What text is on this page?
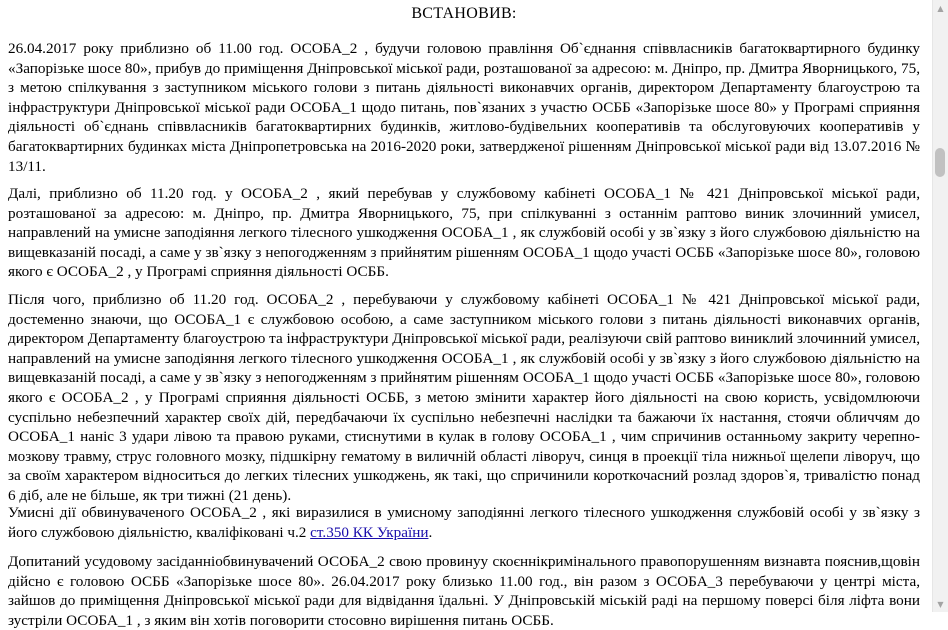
ВСТАНОВИВ:

26.04.2017 року приблизно об 11.00 год. ОСОБА_2 , будучи головою правління Об`єднання співвласників багатоквартирного будинку «Запорізьке шосе 80», прибув до приміщення Дніпровської міської ради, розташованої за адресою: м. Дніпро, пр. Дмитра Яворницького, 75, з метою спілкування з заступником міського голови з питань діяльності виконавчих органів, директором Департаменту благоустрою та інфраструктури Дніпровської міської ради ОСОБА_1 щодо питань, пов`язаних з участю ОСББ «Запорізьке шосе 80» у Програмі сприяння діяльності об`єднань співвласників багатоквартирних будинків, житлово-будівельних кооперативів та обслуговуючих кооперативів у багатоквартирних будинках міста Дніпропетровська на 2016-2020 роки, затвердженої рішенням Дніпровської міської ради від 13.07.2016 № 13/11.

Далі, приблизно об 11.20 год. у ОСОБА_2 , який перебував у службовому кабінеті ОСОБА_1 № 421 Дніпровської міської ради, розташованої за адресою: м. Дніпро, пр. Дмитра Яворницького, 75, при спілкуванні з останнім раптово виник злочинний умисел, направлений на умисне заподіяння легкого тілесного ушкодження ОСОБА_1 , як службовій особі у зв`язку з його службовою діяльністю на вищевказаній посаді, а саме у зв`язку з непогодженням з прийнятим рішенням ОСОБА_1 щодо участі ОСББ «Запорізьке шосе 80», головою якого є ОСОБА_2 , у Програмі сприяння діяльності ОСББ.

Після чого, приблизно об 11.20 год. ОСОБА_2 , перебуваючи у службовому кабінеті ОСОБА_1 № 421 Дніпровської міської ради, достеменно знаючи, що ОСОБА_1 є службовою особою, а саме заступником міського голови з питань діяльності виконавчих органів, директором Департаменту благоустрою та інфраструктури Дніпровської міської ради, реалізуючи свій раптово виниклий злочинний умисел, направлений на умисне заподіяння легкого тілесного ушкодження ОСОБА_1 , як службовій особі у зв`язку з його службовою діяльністю на вищевказаній посаді, а саме у зв`язку з непогодженням з прийнятим рішенням ОСОБА_1 щодо участі ОСББ «Запорізьке шосе 80», головою якого є ОСОБА_2 , у Програмі сприяння діяльності ОСББ, з метою змінити характер його діяльності на свою користь, усвідомлюючи суспільно небезпечний характер своїх дій, передбачаючи їх суспільно небезпечні наслідки та бажаючи їх настання, стоячи обличчям до ОСОБА_1 наніс 3 удари лівою та правою руками, стиснутими в кулак в голову ОСОБА_1 , чим спричинив останньому закриту черепно-мозкову травму, струс головного мозку, підшкірну гематому в виличній області ліворуч, синця в проекції тіла нижньої щелепи ліворуч, що за своїм характером відноситься до легких тілесних ушкоджень, як такі, що спричинили короткочасний розлад здоров`я, тривалістю понад 6 діб, але не більше, як три тижні (21 день).

Умисні дії обвинуваченого ОСОБА_2 , які виразилися в умисному заподіянні легкого тілесного ушкодження службовій особі у зв`язку з його службовою діяльністю, кваліфіковані ч.2 ст.350 КК України.

Допитаний усудовому засіданніобвинувачений ОСОБА_2 свою провинуу скоєннікримінального правопорушенням визнавта пояснив,щовін дійсно є головою ОСББ «Запорізьке шосе 80». 26.04.2017 року близько 11.00 год., він разом з ОСОБА_3 перебуваючи у центрі міста, зайшов до приміщення Дніпровської міської ради для відвідання їдальні. У Дніпровській міській раді на першому поверсі біля ліфта вони зустріли ОСОБА_1 , з яким він хотів поговорити стосовно вирішення питань ОСББ.

▲
▼
